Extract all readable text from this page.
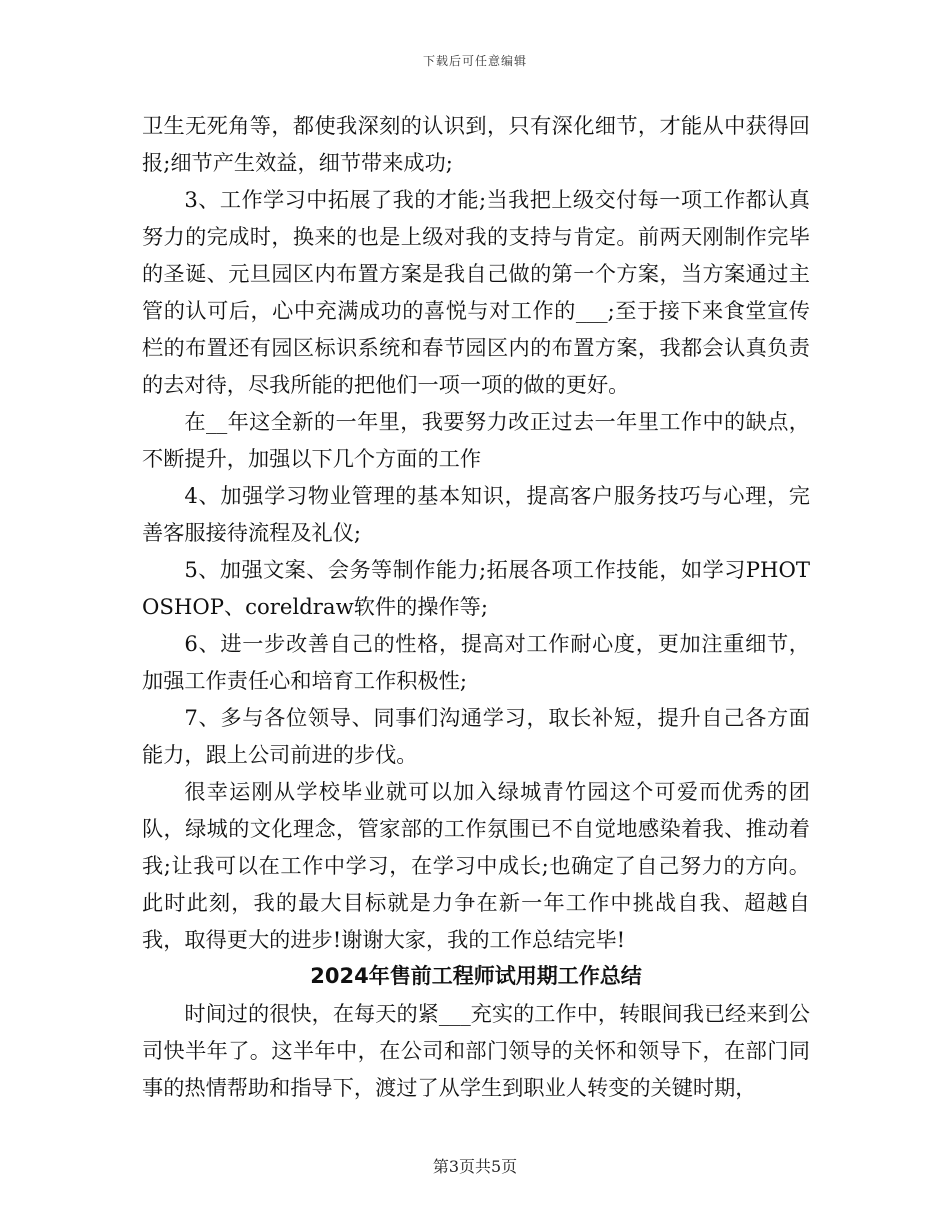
下载后可任意编辑

卫生无死角等，都使我深刻的认识到，只有深化细节，才能从中获得回报;细节产生效益，细节带来成功;

3、工作学习中拓展了我的才能;当我把上级交付每一项工作都认真努力的完成时，换来的也是上级对我的支持与肯定。前两天刚制作完毕的圣诞、元旦园区内布置方案是我自己做的第一个方案，当方案通过主管的认可后，心中充满成功的喜悦与对工作的___;至于接下来食堂宣传栏的布置还有园区标识系统和春节园区内的布置方案，我都会认真负责的去对待，尽我所能的把他们一项一项的做的更好。

在__年这全新的一年里，我要努力改正过去一年里工作中的缺点，不断提升，加强以下几个方面的工作

4、加强学习物业管理的基本知识，提高客户服务技巧与心理，完善客服接待流程及礼仪;

5、加强文案、会务等制作能力;拓展各项工作技能，如学习PHOTOSHOP、coreldraw软件的操作等;

6、进一步改善自己的性格，提高对工作耐心度，更加注重细节，加强工作责任心和培育工作积极性;

7、多与各位领导、同事们沟通学习，取长补短，提升自己各方面能力，跟上公司前进的步伐。

很幸运刚从学校毕业就可以加入绿城青竹园这个可爱而优秀的团队，绿城的文化理念，管家部的工作氛围已不自觉地感染着我、推动着我;让我可以在工作中学习，在学习中成长;也确定了自己努力的方向。此时此刻，我的最大目标就是力争在新一年工作中挑战自我、超越自我，取得更大的进步!谢谢大家，我的工作总结完毕!

2024年售前工程师试用期工作总结

时间过的很快，在每天的紧___充实的工作中，转眼间我已经来到公司快半年了。这半年中，在公司和部门领导的关怀和领导下，在部门同事的热情帮助和指导下，渡过了从学生到职业人转变的关键时期，

第3页共5页
